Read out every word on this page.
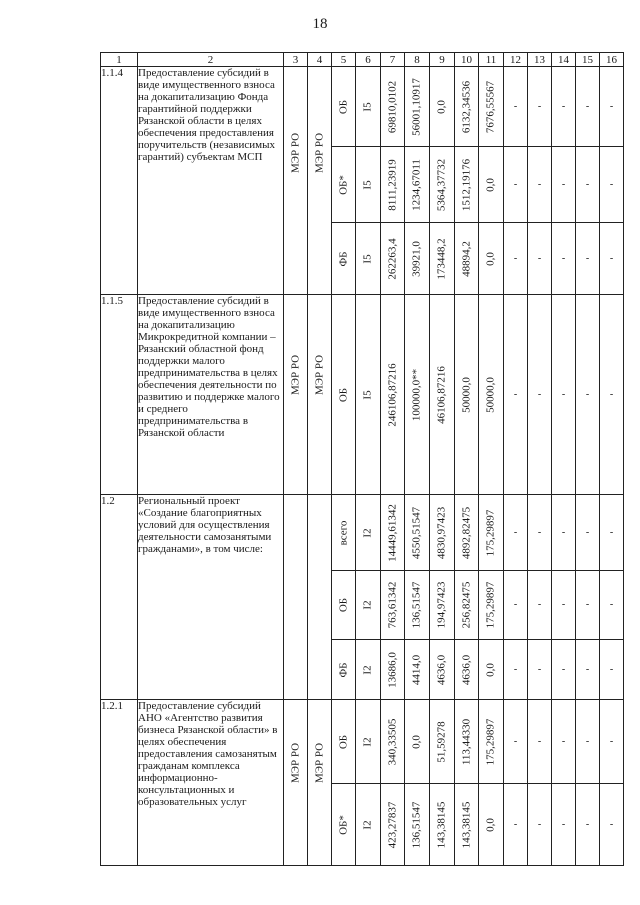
18
1	2	3	4	5	6	7	8	9	10	11	12	13	14	15	16
1.1.4	Предоставление субсидий в виде имущественного взноса на докапитализацию Фонда гарантийной поддержки Рязанской области в целях обеспечения предоставления поручительств (независимых гарантий) субъектам МСП	МЭР РО	МЭР РО	ОБ	I5	69810,0102	56001,10917	0,0	6132,34536	7676,55567	-	-	-	-	-

				ОБ*	I5	8111,23919	1234,67011	5364,37732	1512,19176	0,0	-	-	-	-	-

				ФБ	I5	262263,4	39921,0	173448,2	48894,2	0,0	-	-	-	-	-

1.1.5	Предоставление субсидий в виде имущественного взноса на докапитализацию Микрокредитной компании – Рязанский областной фонд поддержки малого предпринимательства в целях обеспечения деятельности по развитию и поддержке малого и среднего предпринимательства в Рязанской области	МЭР РО	МЭР РО	ОБ	I5	246106,87216	100000,0**	46106,87216	50000,0	50000,0	-	-	-	-	-

1.2	Региональный проект «Создание благоприятных условий для осуществления деятельности самозанятыми гражданами», в том числе:			всего	I2	14449,61342	4550,51547	4830,97423	4892,82475	175,29897	-	-	-	-	-

				ОБ	I2	763,61342	136,51547	194,97423	256,82475	175,29897	-	-	-	-	-

				ФБ	I2	13686,0	4414,0	4636,0	4636,0	0,0	-	-	-	-	-

1.2.1	Предоставление субсидий АНО «Агентство развития бизнеса Рязанской области» в целях обеспечения предоставления самозанятым гражданам комплекса информационно-консультационных и образовательных услуг	МЭР РО	МЭР РО	ОБ	I2	340,33505	0,0	51,59278	113,44330	175,29897	-	-	-	-	-

				ОБ*	I2	423,27837	136,51547	143,38145	143,38145	0,0	-	-	-	-	-
